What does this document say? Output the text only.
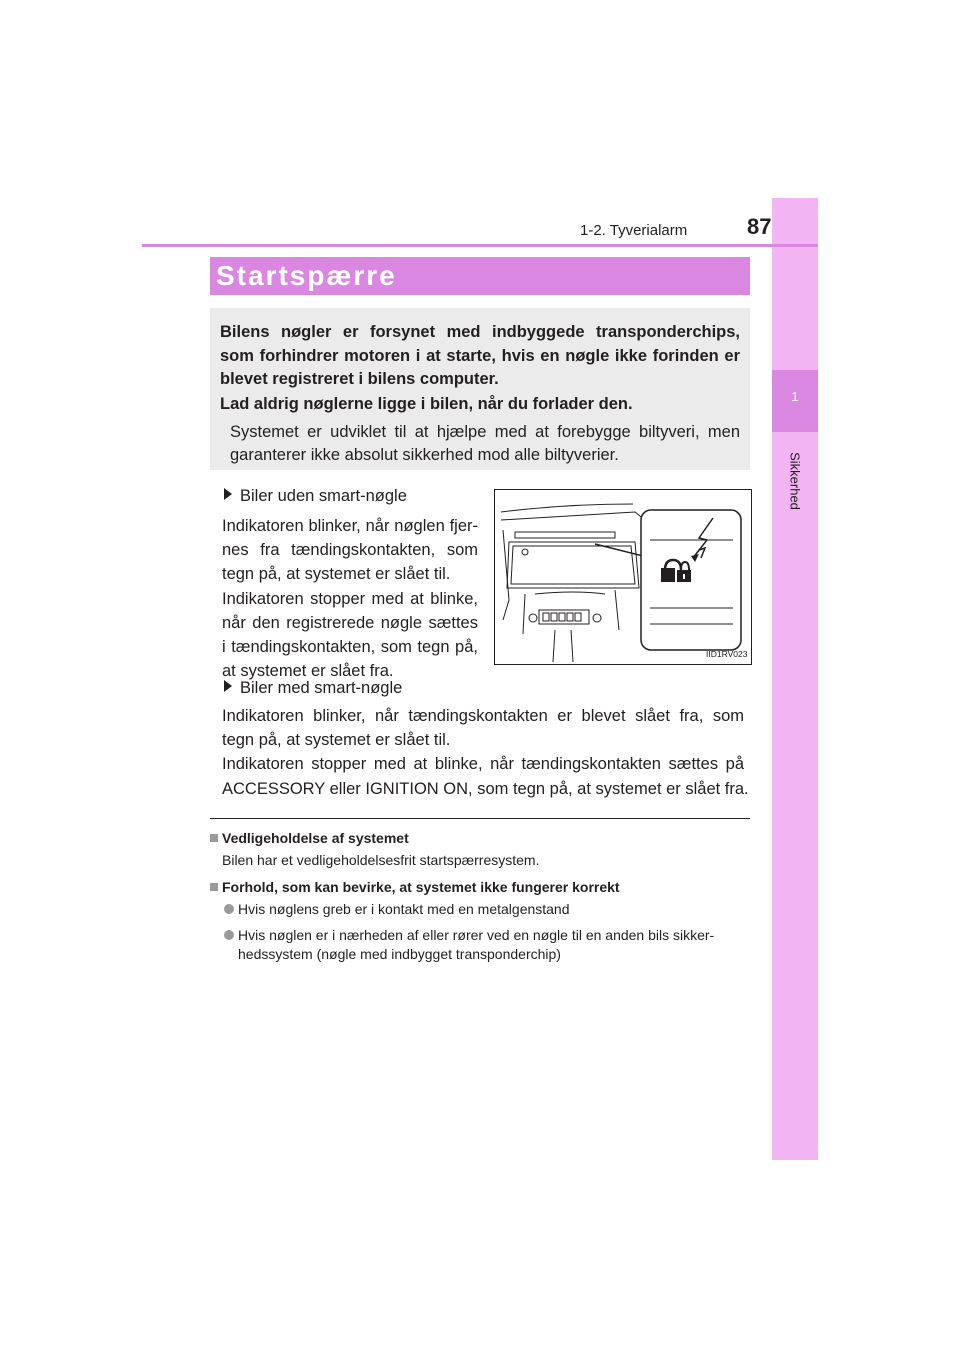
1
Sikkerhed
1-2. Tyverialarm	87
Startspærre
Bilens nøgler er forsynet med indbyggede transponderchips,
som forhindrer motoren i at starte, hvis en nøgle ikke forinden er
blevet registreret i bilens computer.
Lad aldrig nøglerne ligge i bilen, når du forlader den.
Systemet er udviklet til at hjælpe med at forebygge biltyveri, men
garanterer ikke absolut sikkerhed mod alle biltyverier.
Biler uden smart-nøgle
Indikatoren blinker, når nøglen fjer-
nes fra tændingskontakten, som
tegn på, at systemet er slået til.
Indikatoren stopper med at blinke,
når den registrerede nøgle sættes
i tændingskontakten, som tegn på,
at systemet er slået fra.
IID1RV023
Biler med smart-nøgle
Indikatoren blinker, når tændingskontakten er blevet slået fra, som
tegn på, at systemet er slået til.
Indikatoren stopper med at blinke, når tændingskontakten sættes på
ACCESSORY eller IGNITION ON, som tegn på, at systemet er slået fra.
Vedligeholdelse af systemet
Bilen har et vedligeholdelsesfrit startspærresystem.
Forhold, som kan bevirke, at systemet ikke fungerer korrekt
Hvis nøglens greb er i kontakt med en metalgenstand
Hvis nøglen er i nærheden af eller rører ved en nøgle til en anden bils sikker-
hedssystem (nøgle med indbygget transponderchip)
